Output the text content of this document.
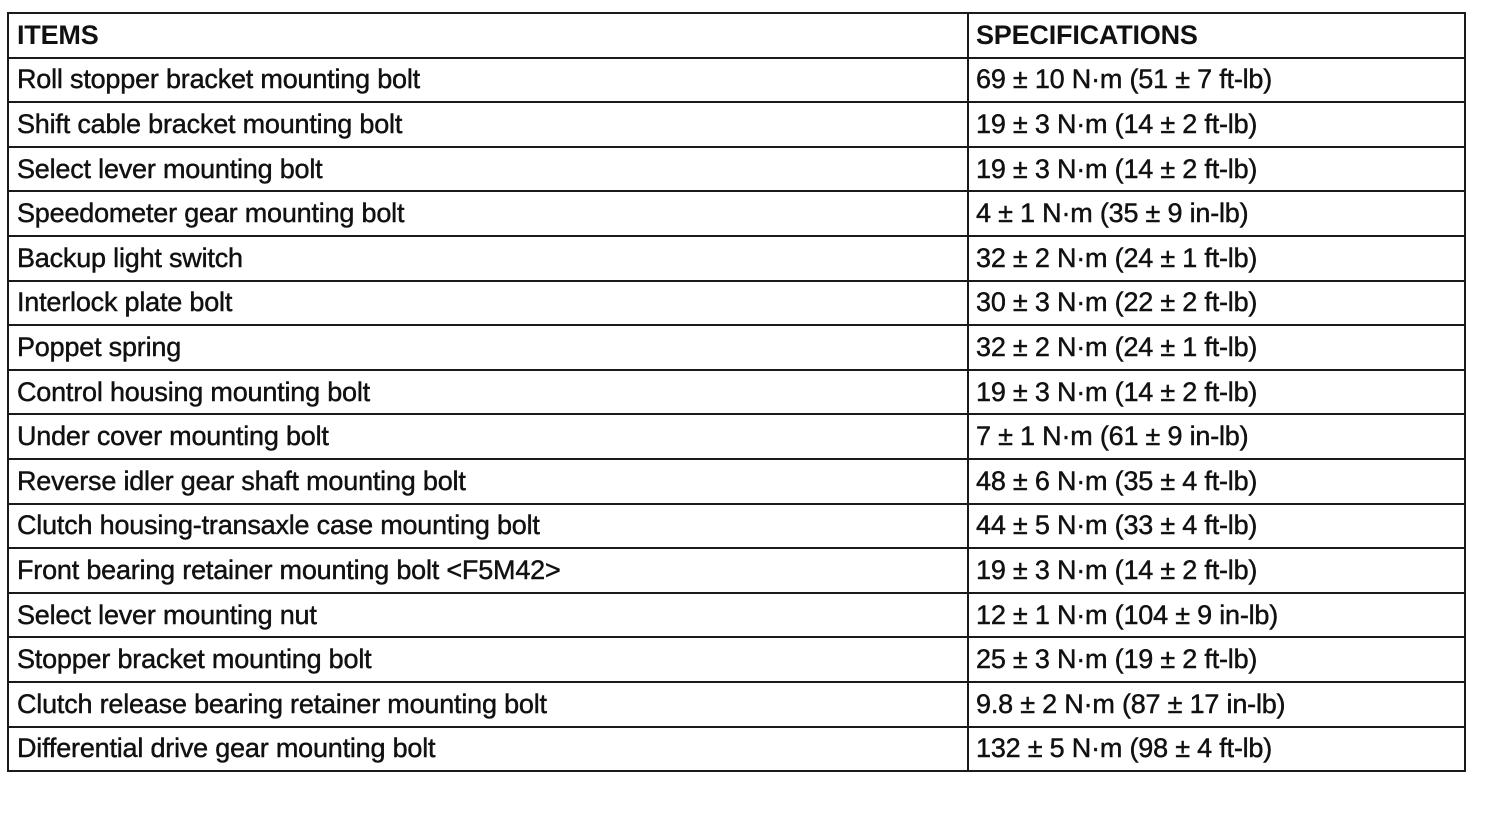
ITEMS	SPECIFICATIONS
Roll stopper bracket mounting bolt	69 ± 10 N·m (51 ± 7 ft-lb)
Shift cable bracket mounting bolt	19 ± 3 N·m (14 ± 2 ft-lb)
Select lever mounting bolt	19 ± 3 N·m (14 ± 2 ft-lb)
Speedometer gear mounting bolt	4 ± 1 N·m (35 ± 9 in-lb)
Backup light switch	32 ± 2 N·m (24 ± 1 ft-lb)
Interlock plate bolt	30 ± 3 N·m (22 ± 2 ft-lb)
Poppet spring	32 ± 2 N·m (24 ± 1 ft-lb)
Control housing mounting bolt	19 ± 3 N·m (14 ± 2 ft-lb)
Under cover mounting bolt	7 ± 1 N·m (61 ± 9 in-lb)
Reverse idler gear shaft mounting bolt	48 ± 6 N·m (35 ± 4 ft-lb)
Clutch housing-transaxle case mounting bolt	44 ± 5 N·m (33 ± 4 ft-lb)
Front bearing retainer mounting bolt <F5M42>	19 ± 3 N·m (14 ± 2 ft-lb)
Select lever mounting nut	12 ± 1 N·m (104 ± 9 in-lb)
Stopper bracket mounting bolt	25 ± 3 N·m (19 ± 2 ft-lb)
Clutch release bearing retainer mounting bolt	9.8 ± 2 N·m (87 ± 17 in-lb)
Differential drive gear mounting bolt	132 ± 5 N·m (98 ± 4 ft-lb)
